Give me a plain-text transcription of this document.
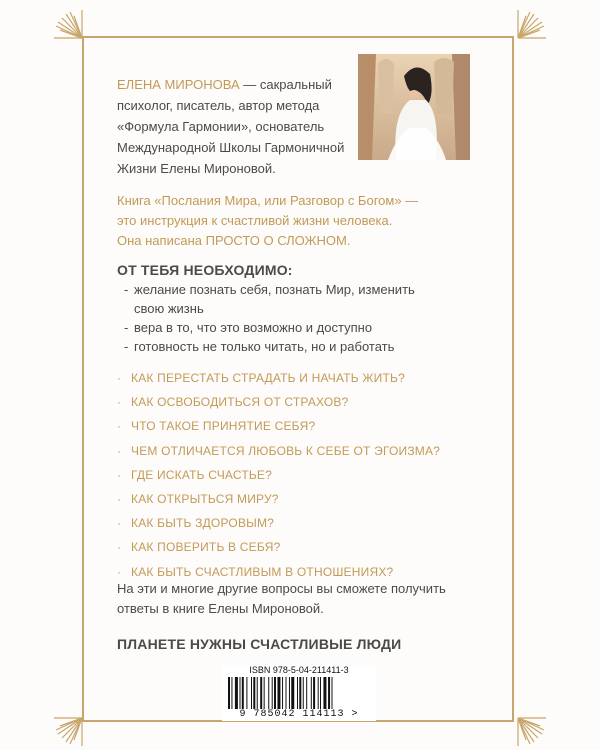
ЕЛЕНА МИРОНОВА — сакральный психолог, писатель, автор метода «Формула Гармонии», основатель Международной Школы Гармоничной Жизни Елены Мироновой.
Книга «Послания Мира, или Разговор с Богом» —
это инструкция к счастливой жизни человека.
Она написана ПРОСТО О СЛОЖНОМ.
ОТ ТЕБЯ НЕОБХОДИМО:
- желание познать себя, познать Мир, изменить свою жизнь
- вера в то, что это возможно и доступно
- готовность не только читать, но и работать
· КАК ПЕРЕСТАТЬ СТРАДАТЬ И НАЧАТЬ ЖИТЬ?
· КАК ОСВОБОДИТЬСЯ ОТ СТРАХОВ?
· ЧТО ТАКОЕ ПРИНЯТИЕ СЕБЯ?
· ЧЕМ ОТЛИЧАЕТСЯ ЛЮБОВЬ К СЕБЕ ОТ ЭГОИЗМА?
· ГДЕ ИСКАТЬ СЧАСТЬЕ?
· КАК ОТКРЫТЬСЯ МИРУ?
· КАК БЫТЬ ЗДОРОВЫМ?
· КАК ПОВЕРИТЬ В СЕБЯ?
· КАК БЫТЬ СЧАСТЛИВЫМ В ОТНОШЕНИЯХ?
На эти и многие другие вопросы вы сможете получить
ответы в книге Елены Мироновой.
ПЛАНЕТЕ НУЖНЫ СЧАСТЛИВЫЕ ЛЮДИ
ISBN 978-5-04-211411-3
9 785042 114113 >
